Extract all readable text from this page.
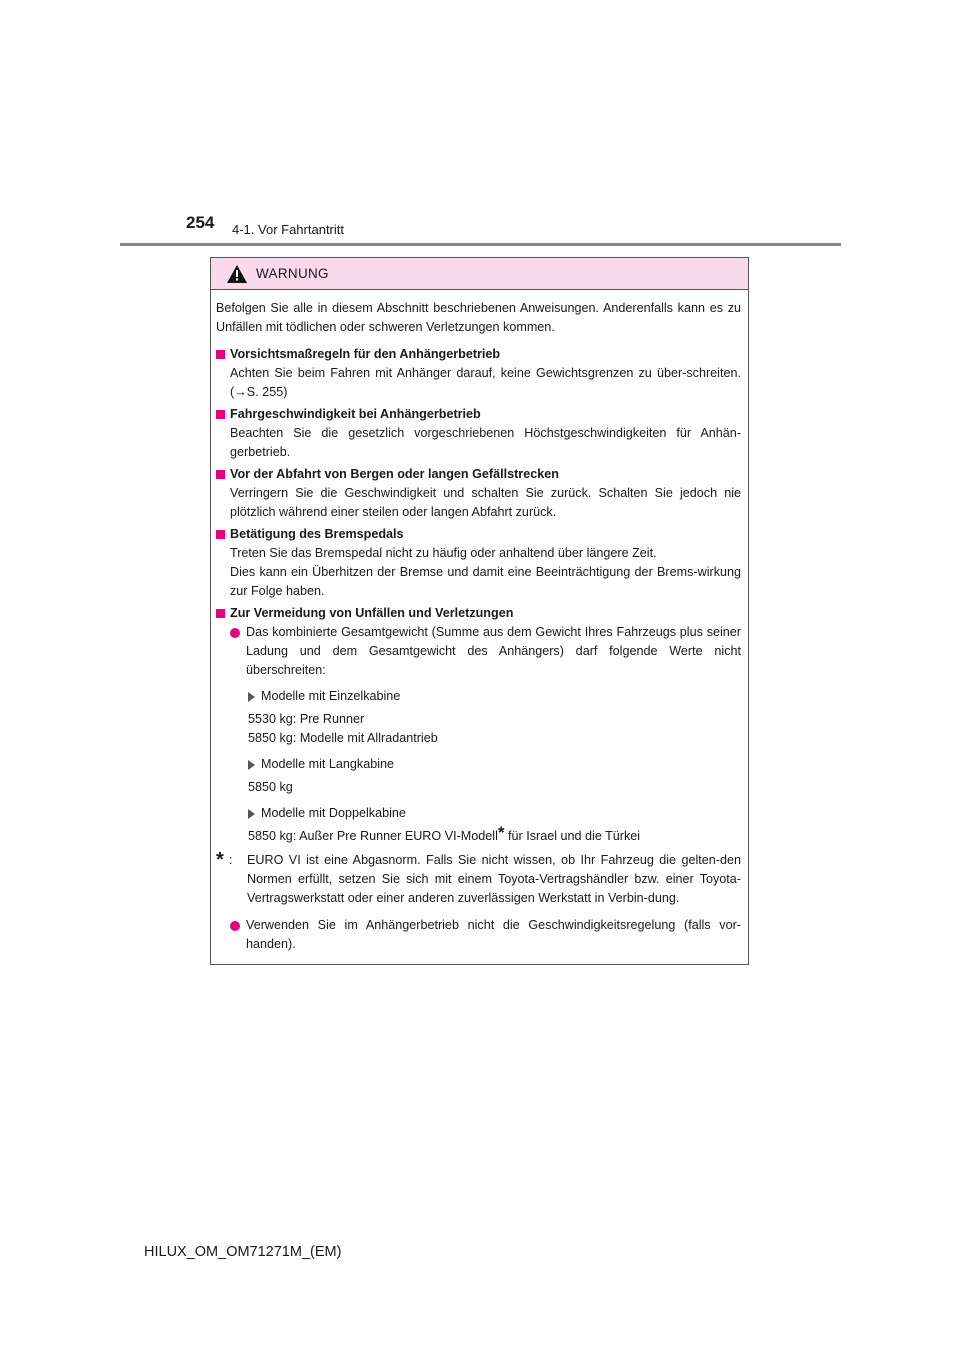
254 4-1. Vor Fahrtantritt
WARNUNG
Befolgen Sie alle in diesem Abschnitt beschriebenen Anweisungen. Anderenfalls kann es zu Unfällen mit tödlichen oder schweren Verletzungen kommen.
Vorsichtsmaßregeln für den Anhängerbetrieb
Achten Sie beim Fahren mit Anhänger darauf, keine Gewichtsgrenzen zu über-schreiten. (→S. 255)
Fahrgeschwindigkeit bei Anhängerbetrieb
Beachten Sie die gesetzlich vorgeschriebenen Höchstgeschwindigkeiten für Anhän-gerbetrieb.
Vor der Abfahrt von Bergen oder langen Gefällstrecken
Verringern Sie die Geschwindigkeit und schalten Sie zurück. Schalten Sie jedoch nie plötzlich während einer steilen oder langen Abfahrt zurück.
Betätigung des Bremspedals
Treten Sie das Bremspedal nicht zu häufig oder anhaltend über längere Zeit.
Dies kann ein Überhitzen der Bremse und damit eine Beeinträchtigung der Brems-wirkung zur Folge haben.
Zur Vermeidung von Unfällen und Verletzungen
Das kombinierte Gesamtgewicht (Summe aus dem Gewicht Ihres Fahrzeugs plus seiner Ladung und dem Gesamtgewicht des Anhängers) darf folgende Werte nicht überschreiten:
Modelle mit Einzelkabine
5530 kg: Pre Runner
5850 kg: Modelle mit Allradantrieb
Modelle mit Langkabine
5850 kg
Modelle mit Doppelkabine
5850 kg: Außer Pre Runner EURO VI-Modell* für Israel und die Türkei
* :	EURO VI ist eine Abgasnorm. Falls Sie nicht wissen, ob Ihr Fahrzeug die gelten-den Normen erfüllt, setzen Sie sich mit einem Toyota-Vertragshändler bzw. einer Toyota-Vertragswerkstatt oder einer anderen zuverlässigen Werkstatt in Verbin-dung.
Verwenden Sie im Anhängerbetrieb nicht die Geschwindigkeitsregelung (falls vor-handen).
HILUX_OM_OM71271M_(EM)
